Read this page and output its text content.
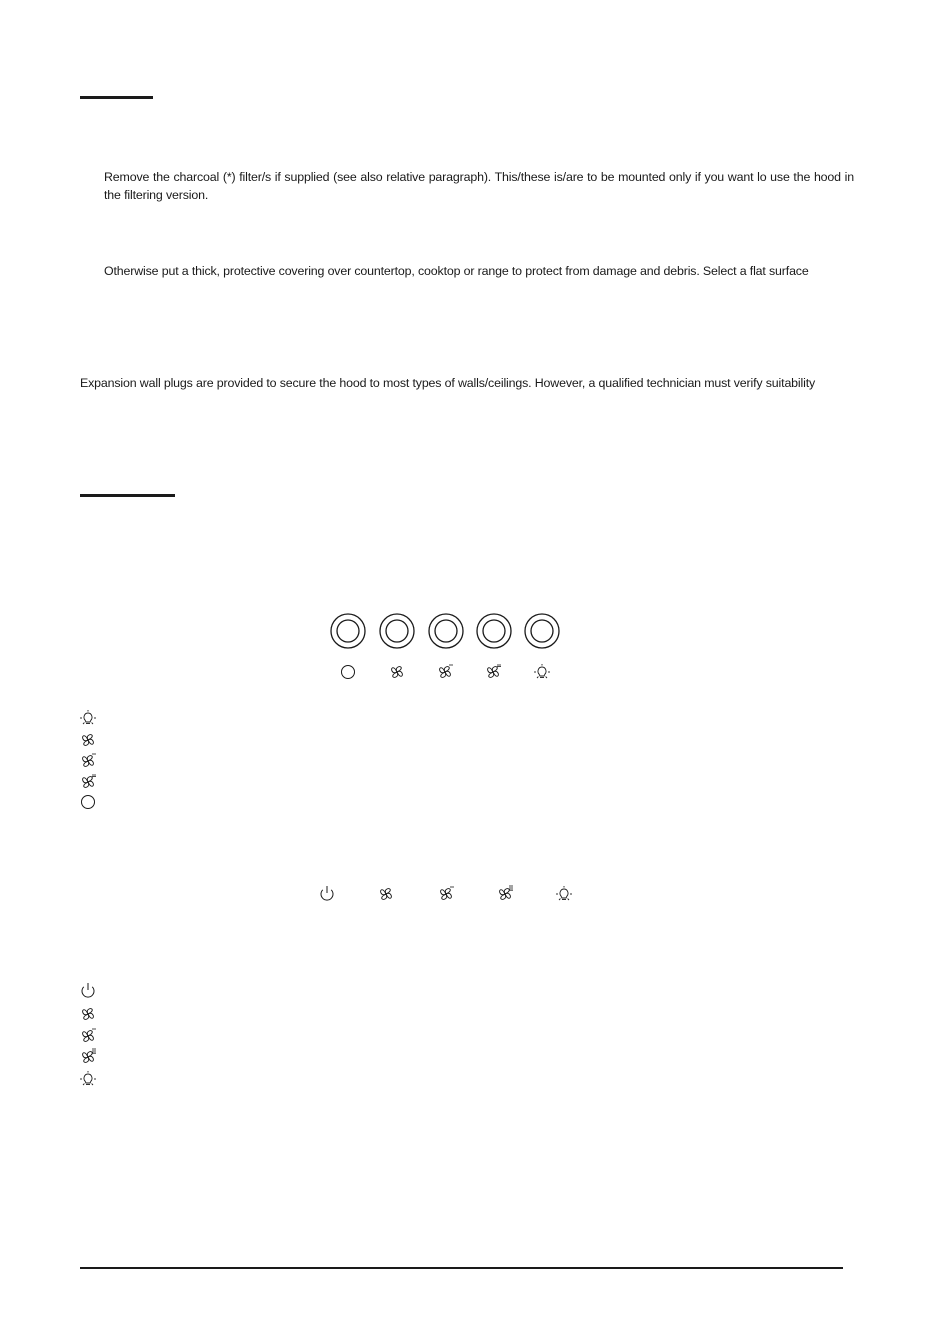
Remove the charcoal (*) filter/s if supplied (see also relative paragraph). This/these is/are to be mounted only if you want lo use the hood in the filtering version.
Otherwise put a thick, protective covering over countertop, cooktop or range to protect from damage and debris. Select a flat surface
Expansion wall plugs are provided to secure the hood to most types of walls/ceilings. However, a qualified technician must verify suitability
